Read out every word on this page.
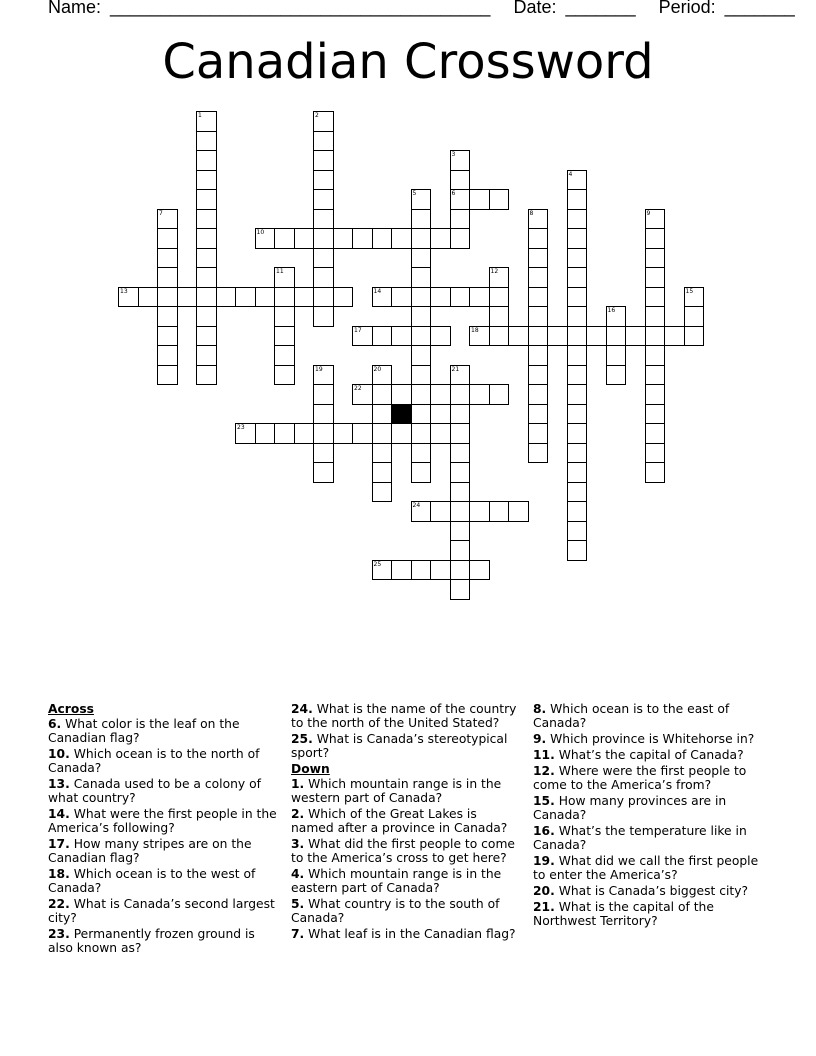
Name: ______________________________________ Date: _______ Period: _______
Canadian Crossword
1	2
3
6
4
5
7	8	9
10
11	12
13	14	15
16
17	18
19	20	21
22
23
24
25
Across
6. What color is the leaf on the Canadian flag?
10. Which ocean is to the north of Canada?
13. Canada used to be a colony of what country?
14. What were the first people in the America’s following?
17. How many stripes are on the Canadian flag?
18. Which ocean is to the west of Canada?
22. What is Canada’s second largest city?
23. Permanently frozen ground is also known as?
24. What is the name of the country to the north of the United Stated?
25. What is Canada’s stereotypical sport?
Down
1. Which mountain range is in the western part of Canada?
2. Which of the Great Lakes is named after a province in Canada?
3. What did the first people to come to the America’s cross to get here?
4. Which mountain range is in the eastern part of Canada?
5. What country is to the south of Canada?
7. What leaf is in the Canadian flag?
8. Which ocean is to the east of Canada?
9. Which province is Whitehorse in?
11. What’s the capital of Canada?
12. Where were the first people to come to the America’s from?
15. How many provinces are in Canada?
16. What’s the temperature like in Canada?
19. What did we call the first people to enter the America’s?
20. What is Canada’s biggest city?
21. What is the capital of the Northwest Territory?
